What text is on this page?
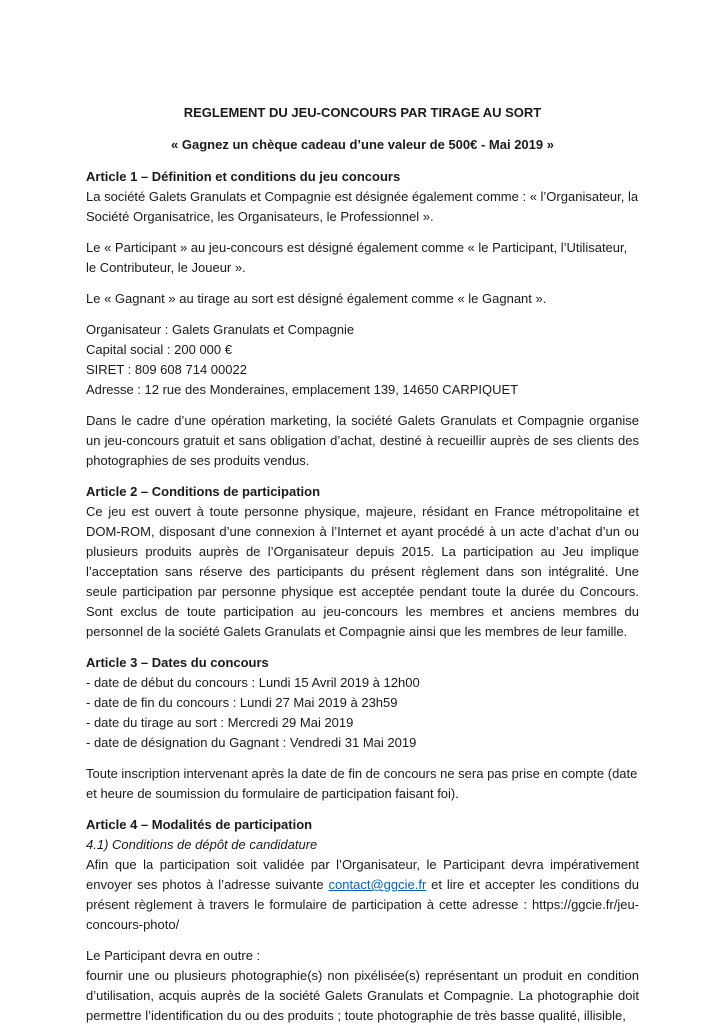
REGLEMENT DU JEU-CONCOURS PAR TIRAGE AU SORT
« Gagnez un chèque cadeau d’une valeur de 500€ - Mai 2019 »
Article 1 – Définition et conditions du jeu concours
La société Galets Granulats et Compagnie est désignée également comme : « l’Organisateur, la Société Organisatrice, les Organisateurs, le Professionnel ».
Le « Participant » au jeu-concours est désigné également comme « le Participant, l’Utilisateur, le Contributeur, le Joueur ».
Le « Gagnant » au tirage au sort est désigné également comme « le Gagnant ».
Organisateur : Galets Granulats et Compagnie
Capital social : 200 000 €
SIRET : 809 608 714 00022
Adresse : 12 rue des Monderaines, emplacement 139, 14650 CARPIQUET
Dans le cadre d’une opération marketing, la société Galets Granulats et Compagnie organise un jeu-concours gratuit et sans obligation d’achat, destiné à recueillir auprès de ses clients des photographies de ses produits vendus.
Article 2 – Conditions de participation
Ce jeu est ouvert à toute personne physique, majeure, résidant en France métropolitaine et DOM-ROM, disposant d’une connexion à l’Internet et ayant procédé à un acte d’achat d’un ou plusieurs produits auprès de l’Organisateur depuis 2015. La participation au Jeu implique l’acceptation sans réserve des participants du présent règlement dans son intégralité. Une seule participation par personne physique est acceptée pendant toute la durée du Concours. Sont exclus de toute participation au jeu-concours les membres et anciens membres du personnel de la société Galets Granulats et Compagnie ainsi que les membres de leur famille.
Article 3 – Dates du concours
- date de début du concours : Lundi 15 Avril 2019 à 12h00
- date de fin du concours : Lundi 27 Mai 2019 à 23h59
- date du tirage au sort : Mercredi 29 Mai 2019
- date de désignation du Gagnant : Vendredi 31 Mai 2019
Toute inscription intervenant après la date de fin de concours ne sera pas prise en compte (date et heure de soumission du formulaire de participation faisant foi).
Article 4 – Modalités de participation
4.1) Conditions de dépôt de candidature
Afin que la participation soit validée par l’Organisateur, le Participant devra impérativement envoyer ses photos à l’adresse suivante contact@ggcie.fr et lire et accepter les conditions du présent règlement à travers le formulaire de participation à cette adresse : https://ggcie.fr/jeu-concours-photo/
Le Participant devra en outre :
fournir une ou plusieurs photographie(s) non pixélisée(s) représentant un produit en condition d’utilisation, acquis auprès de la société Galets Granulats et Compagnie. La photographie doit permettre l’identification du ou des produits ; toute photographie de très basse qualité, illisible,
